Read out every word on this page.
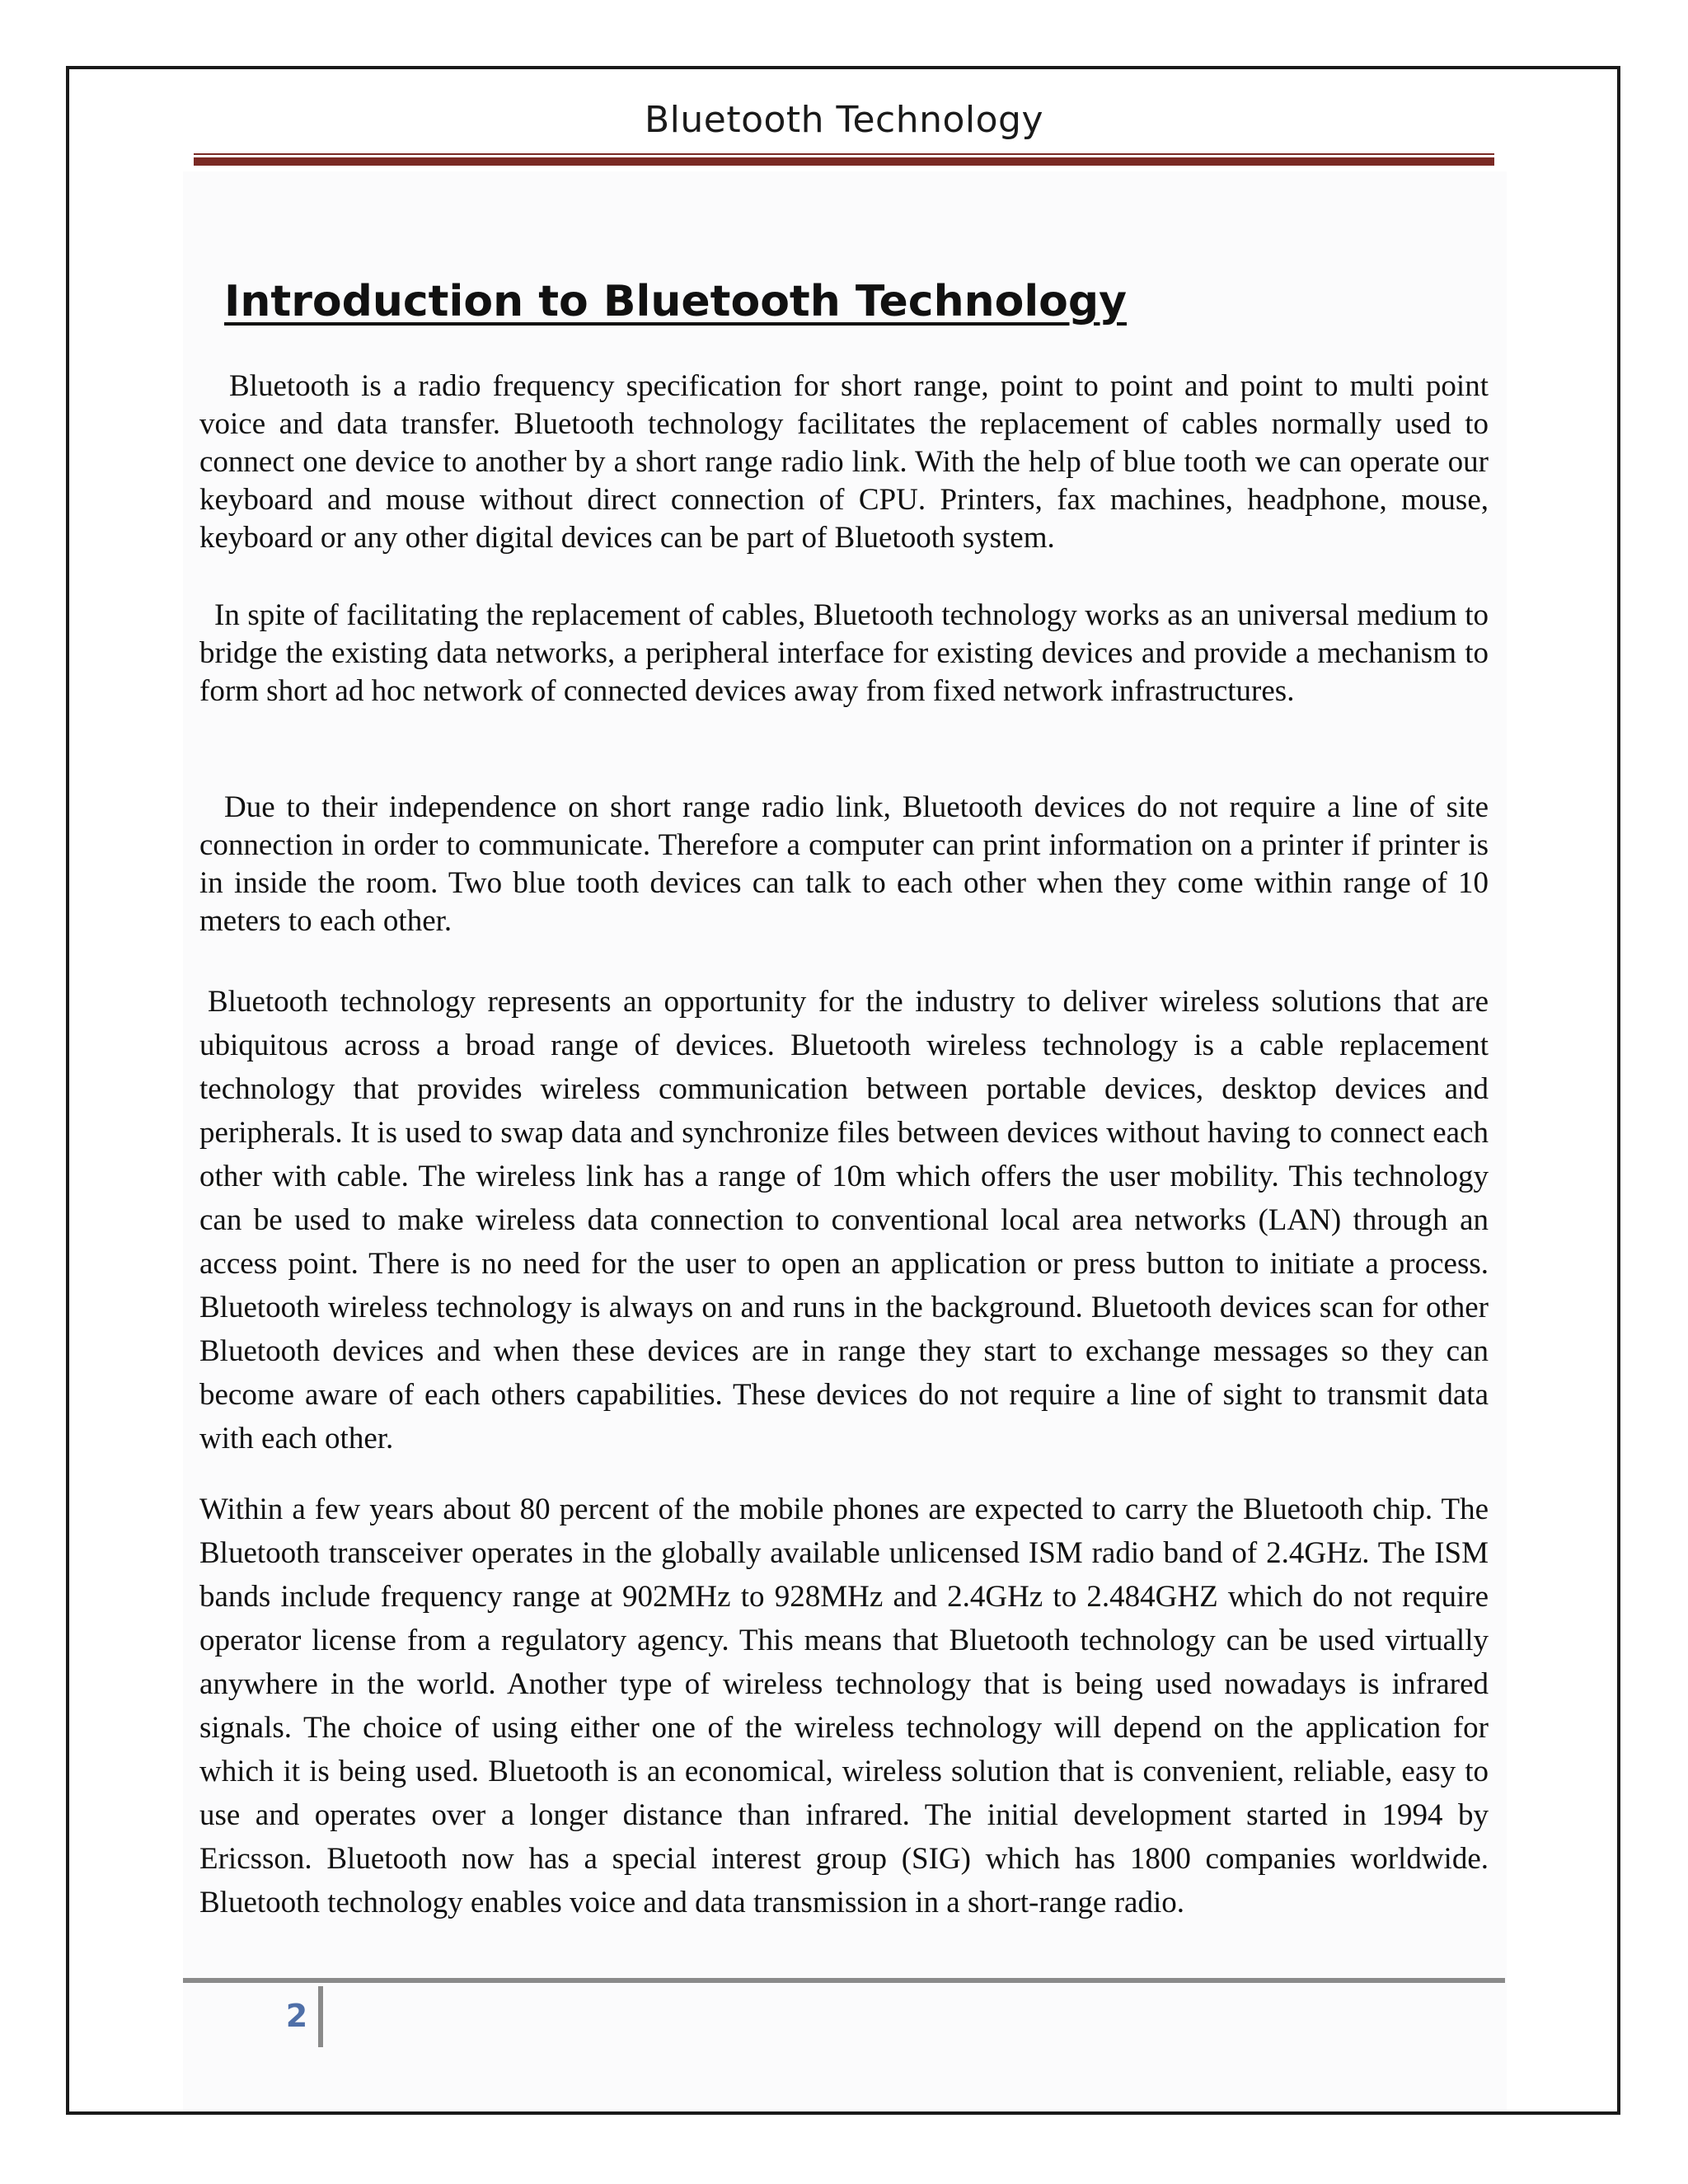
Bluetooth Technology
Introduction to Bluetooth Technology

Bluetooth is a radio frequency specification for short range, point to point and point to multi point voice and data transfer. Bluetooth technology facilitates the replacement of cables normally used to connect one device to another by a short range radio link. With the help of blue tooth we can operate our keyboard and mouse without direct connection of CPU. Printers, fax machines, headphone, mouse, keyboard or any other digital devices can be part of Bluetooth system.

In spite of facilitating the replacement of cables, Bluetooth technology works as an universal medium to bridge the existing data networks, a peripheral interface for existing devices and provide a mechanism to form short ad hoc network of connected devices away from fixed network infrastructures.

Due to their independence on short range radio link, Bluetooth devices do not require a line of site connection in order to communicate. Therefore a computer can print information on a printer if printer is in inside the room. Two blue tooth devices can talk to each other when they come within range of 10 meters to each other.

Bluetooth technology represents an opportunity for the industry to deliver wireless solutions that are ubiquitous across a broad range of devices. Bluetooth wireless technology is a cable replacement technology that provides wireless communication between portable devices, desktop devices and peripherals. It is used to swap data and synchronize files between devices without having to connect each other with cable. The wireless link has a range of 10m which offers the user mobility. This technology can be used to make wireless data connection to conventional local area networks (LAN) through an access point. There is no need for the user to open an application or press button to initiate a process. Bluetooth wireless technology is always on and runs in the background. Bluetooth devices scan for other Bluetooth devices and when these devices are in range they start to exchange messages so they can become aware of each others capabilities. These devices do not require a line of sight to transmit data with each other.

Within a few years about 80 percent of the mobile phones are expected to carry the Bluetooth chip. The Bluetooth transceiver operates in the globally available unlicensed ISM radio band of 2.4GHz. The ISM bands include frequency range at 902MHz to 928MHz and 2.4GHz to 2.484GHZ which do not require operator license from a regulatory agency. This means that Bluetooth technology can be used virtually anywhere in the world. Another type of wireless technology that is being used nowadays is infrared signals. The choice of using either one of the wireless technology will depend on the application for which it is being used. Bluetooth is an economical, wireless solution that is convenient, reliable, easy to use and operates over a longer distance than infrared. The initial development started in 1994 by Ericsson. Bluetooth now has a special interest group (SIG) which has 1800 companies worldwide. Bluetooth technology enables voice and data transmission in a short-range radio.

2
